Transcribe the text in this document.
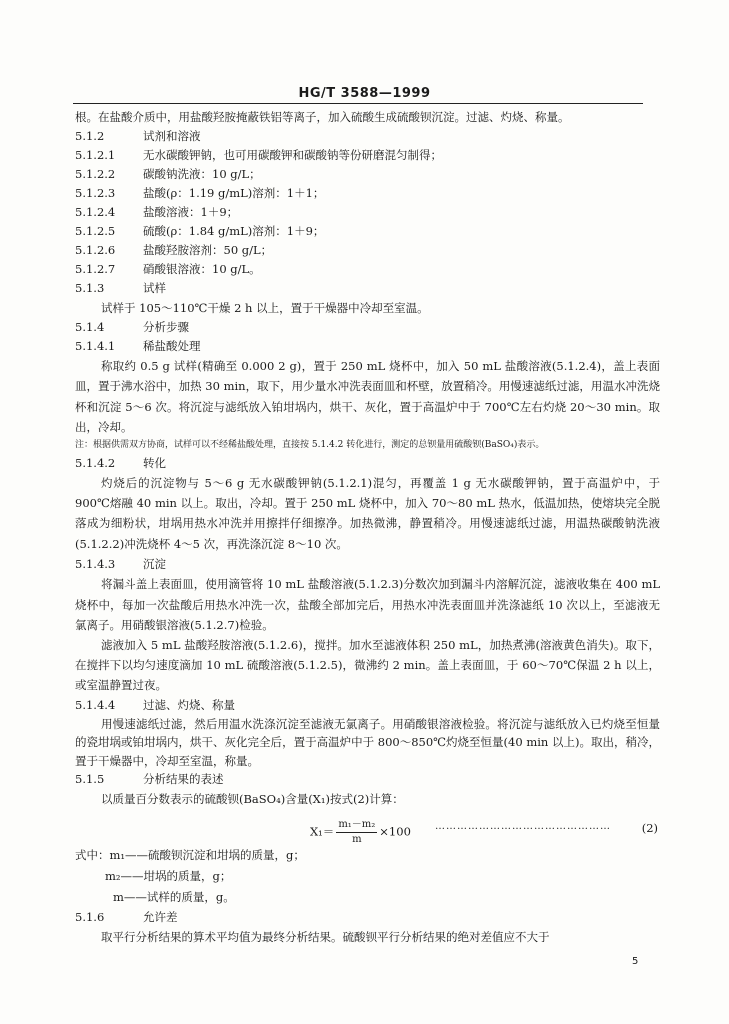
HG/T 3588—1999

根。在盐酸介质中，用盐酸羟胺掩蔽铁铝等离子，加入硫酸生成硫酸钡沉淀。过滤、灼烧、称量。

5.1.2	试剂和溶液
5.1.2.1 无水碳酸钾钠，也可用碳酸钾和碳酸钠等份研磨混匀制得；
5.1.2.2 碳酸钠洗液：10 g/L；
5.1.2.3 盐酸(ρ：1.19 g/mL)溶剂：1＋1；
5.1.2.4 盐酸溶液：1＋9；
5.1.2.5 硫酸(ρ：1.84 g/mL)溶剂：1＋9；
5.1.2.6 盐酸羟胺溶剂：50 g/L；
5.1.2.7 硝酸银溶液：10 g/L。
5.1.3	试样

试样于 105～110℃干燥 2 h 以上，置于干燥器中冷却至室温。

5.1.4	分析步骤
5.1.4.1 稀盐酸处理

称取约 0.5 g 试样(精确至 0.000 2 g)，置于 250 mL 烧杯中，加入 50 mL 盐酸溶液(5.1.2.4)，盖上表面皿，置于沸水浴中，加热 30 min，取下，用少量水冲洗表面皿和杯壁，放置稍冷。用慢速滤纸过滤，用温水冲洗烧杯和沉淀 5～6 次。将沉淀与滤纸放入铂坩埚内，烘干、灰化，置于高温炉中于 700℃左右灼烧 20～30 min。取出，冷却。

注：根据供需双方协商，试样可以不经稀盐酸处理，直接按 5.1.4.2 转化进行，测定的总钡量用硫酸钡(BaSO₄)表示。

5.1.4.2 转化

灼烧后的沉淀物与 5～6 g 无水碳酸钾钠(5.1.2.1)混匀，再覆盖 1 g 无水碳酸钾钠，置于高温炉中，于 900℃熔融 40 min 以上。取出，冷却。置于 250 mL 烧杯中，加入 70～80 mL 热水，低温加热，使熔块完全脱落成为细粉状，坩埚用热水冲洗并用擦拌仔细擦净。加热微沸，静置稍冷。用慢速滤纸过滤，用温热碳酸钠洗液(5.1.2.2)冲洗烧杯 4～5 次，再洗涤沉淀 8～10 次。

5.1.4.3 沉淀

将漏斗盖上表面皿，使用滴管将 10 mL 盐酸溶液(5.1.2.3)分数次加到漏斗内溶解沉淀，滤液收集在 400 mL 烧杯中，每加一次盐酸后用热水冲洗一次，盐酸全部加完后，用热水冲洗表面皿并洗涤滤纸 10 次以上，至滤液无氯离子。用硝酸银溶液(5.1.2.7)检验。

滤液加入 5 mL 盐酸羟胺溶液(5.1.2.6)，搅拌。加水至滤液体积 250 mL，加热煮沸(溶液黄色消失)。取下，在搅拌下以均匀速度滴加 10 mL 硫酸溶液(5.1.2.5)，微沸约 2 min。盖上表面皿，于 60～70℃保温 2 h 以上，或室温静置过夜。

5.1.4.4 过滤、灼烧、称量

用慢速滤纸过滤，然后用温水洗涤沉淀至滤液无氯离子。用硝酸银溶液检验。将沉淀与滤纸放入已灼烧至恒量的瓷坩埚或铂坩埚内，烘干、灰化完全后，置于高温炉中于 800～850℃灼烧至恒量(40 min 以上)。取出，稍冷，置于干燥器中，冷却至室温，称量。

5.1.5	分析结果的表述

以质量百分数表示的硫酸钡(BaSO₄)含量(X₁)按式(2)计算：

$X_1= \frac{\text{m₁－m₂}}{m} \times 100$ …………………………………………	(2)
式中：m₁——硫酸钡沉淀和坩埚的质量，g；
m₂——坩埚的质量，g；
m——试样的质量，g。
5.1.6	允许差

取平行分析结果的算术平均值为最终分析结果。硫酸钡平行分析结果的绝对差值应不大于

5
